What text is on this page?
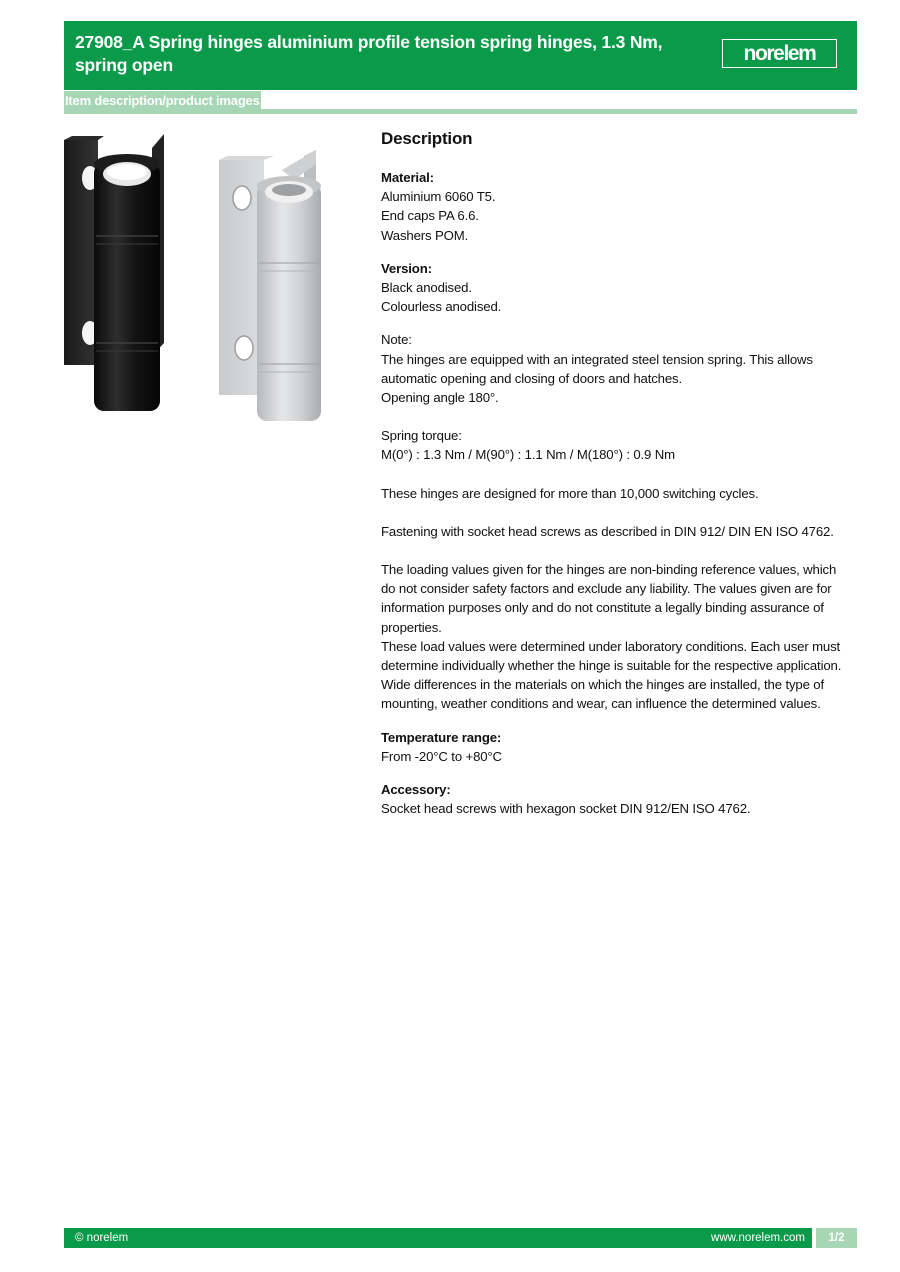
27908_A Spring hinges aluminium profile tension spring hinges, 1.3 Nm, spring open
norelem
Item description/product images
Description
Material:
Aluminium 6060 T5.
End caps PA 6.6.
Washers POM.
Version:
Black anodised.
Colourless anodised.
Note:
The hinges are equipped with an integrated steel tension spring. This allows automatic opening and closing of doors and hatches.
Opening angle 180°.
Spring torque:
M(0°) : 1.3 Nm / M(90°) : 1.1 Nm / M(180°) : 0.9 Nm
These hinges are designed for more than 10,000 switching cycles.
Fastening with socket head screws as described in DIN 912/ DIN EN ISO 4762.
The loading values given for the hinges are non-binding reference values, which do not consider safety factors and exclude any liability. The values given are for information purposes only and do not constitute a legally binding assurance of properties.
These load values were determined under laboratory conditions. Each user must determine individually whether the hinge is suitable for the respective application. Wide differences in the materials on which the hinges are installed, the type of mounting, weather conditions and wear, can influence the determined values.
Temperature range:
From -20°C to +80°C
Accessory:
Socket head screws with hexagon socket DIN 912/EN ISO 4762.
© norelem	www.norelem.com	1/2
